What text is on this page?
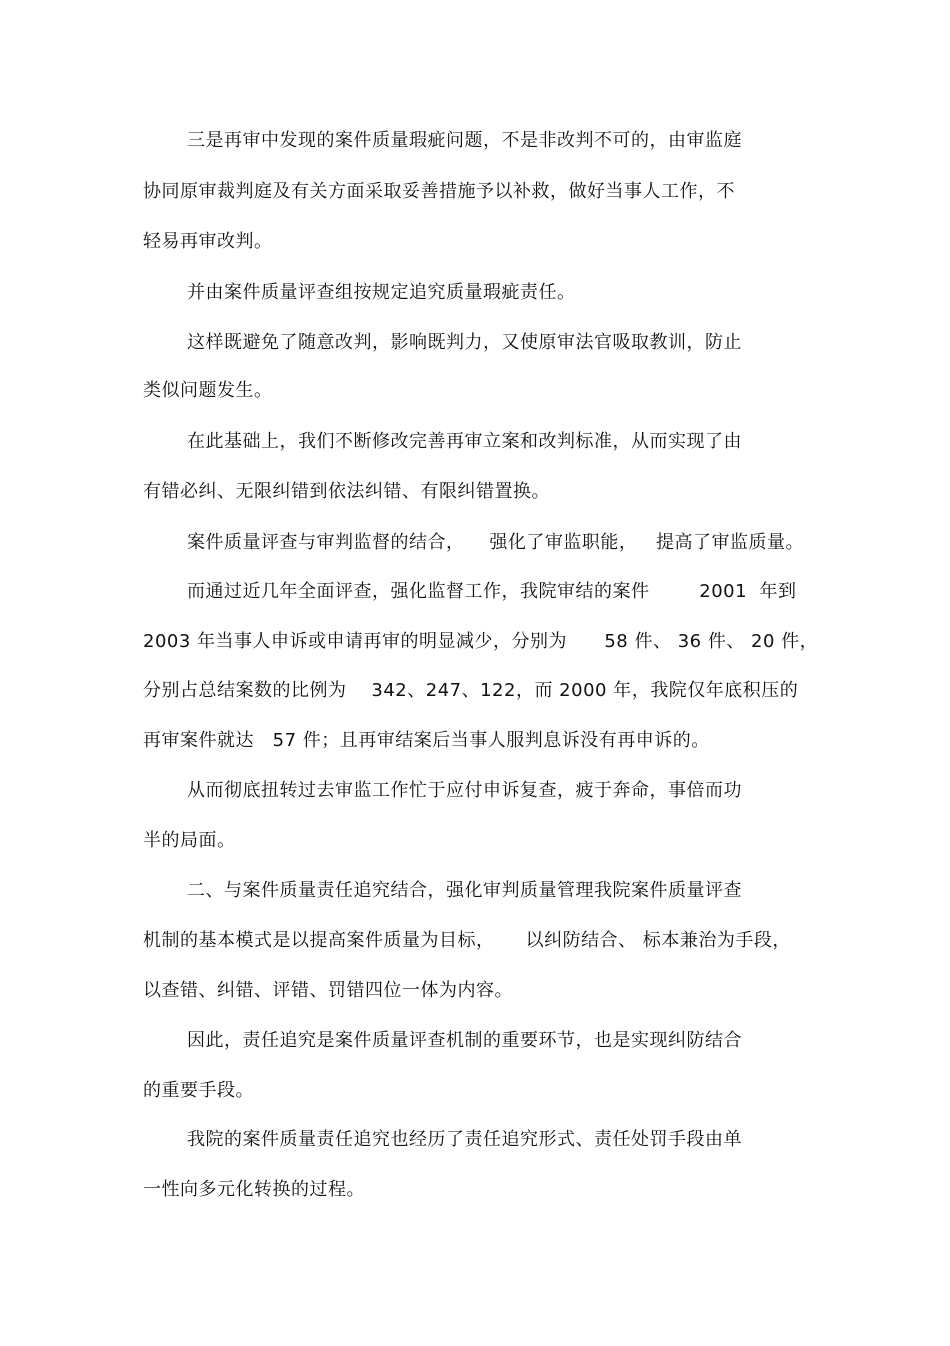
三是再审中发现的案件质量瑕疵问题，不是非改判不可的，由审监庭
协同原审裁判庭及有关方面采取妥善措施予以补救，做好当事人工作，不
轻易再审改判。
并由案件质量评查组按规定追究质量瑕疵责任。
这样既避免了随意改判，影响既判力，又使原审法官吸取教训，防止
类似问题发生。
在此基础上，我们不断修改完善再审立案和改判标准，从而实现了由
有错必纠、无限纠错到依法纠错、有限纠错置换。
案件质量评查与审判监督的结合，    强化了审监职能，   提高了审监质量。
而通过近几年全面评查，强化监督工作，我院审结的案件        2001  年到
2003 年当事人申诉或申请再审的明显减少，分别为      58 件、 36 件、 20 件，
分别占总结案数的比例为    342、247、122，而 2000 年，我院仅年底积压的
再审案件就达   57 件；且再审结案后当事人服判息诉没有再申诉的。
从而彻底扭转过去审监工作忙于应付申诉复查，疲于奔命，事倍而功
半的局面。
二、与案件质量责任追究结合，强化审判质量管理我院案件质量评查
机制的基本模式是以提高案件质量为目标，     以纠防结合、 标本兼治为手段，
以查错、纠错、评错、罚错四位一体为内容。
因此，责任追究是案件质量评查机制的重要环节，也是实现纠防结合
的重要手段。
我院的案件质量责任追究也经历了责任追究形式、责任处罚手段由单
一性向多元化转换的过程。
